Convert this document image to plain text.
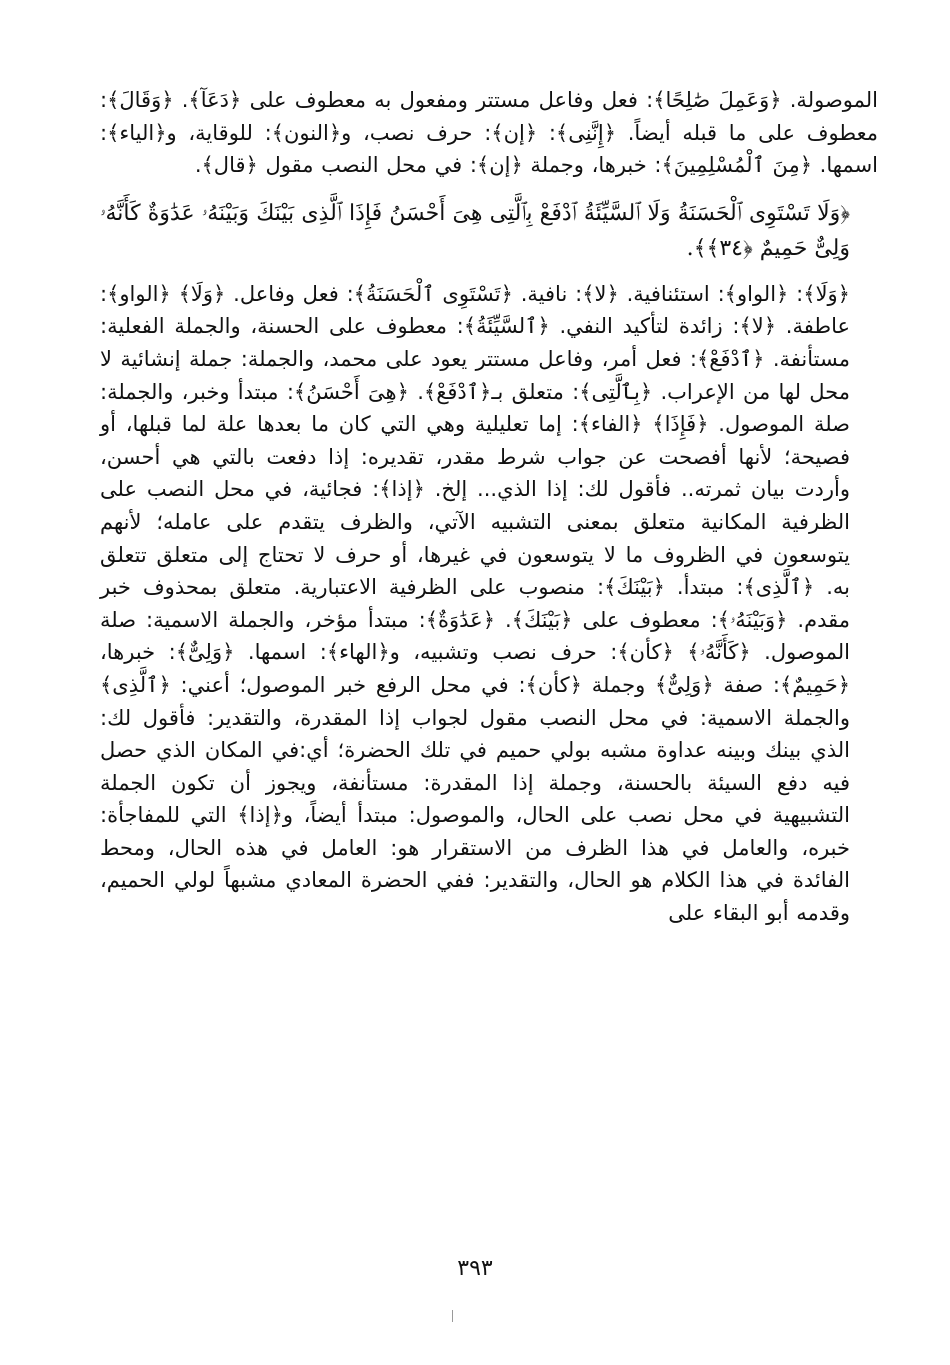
الموصولة. ﴿وَعَمِلَ صَٰلِحًا﴾: فعل وفاعل مستتر ومفعول به معطوف على ﴿دَعَآ﴾. ﴿وَقَالَ﴾: معطوف على ما قبله أيضاً. ﴿إِنَّنِى﴾: ﴿إن﴾: حرف نصب، و﴿النون﴾: للوقاية، و﴿الياء﴾: اسمها. ﴿مِنَ ٱلْمُسْلِمِينَ﴾: خبرها، وجملة ﴿إن﴾: في محل النصب مقول ﴿قال﴾.

﴿وَلَا تَسْتَوِى ٱلْحَسَنَةُ وَلَا ٱلسَّيِّئَةُ ٱدْفَعْ بِٱلَّتِى هِىَ أَحْسَنُ فَإِذَا ٱلَّذِى بَيْنَكَ وَبَيْنَهُۥ عَدَٰوَةٌ كَأَنَّهُۥ وَلِىٌّ حَمِيمٌ ﴿٣٤﴾﴾.

﴿وَلَا﴾: ﴿الواو﴾: استئنافية. ﴿لا﴾: نافية. ﴿تَسْتَوِى ٱلْحَسَنَةُ﴾: فعل وفاعل. ﴿وَلَا﴾ ﴿الواو﴾: عاطفة. ﴿لا﴾: زائدة لتأكيد النفي. ﴿ٱلسَّيِّئَةُ﴾: معطوف على الحسنة، والجملة الفعلية: مستأنفة. ﴿ٱدْفَعْ﴾: فعل أمر، وفاعل مستتر يعود على محمد، والجملة: جملة إنشائية لا محل لها من الإعراب. ﴿بِٱلَّتِى﴾: متعلق بـ﴿ٱدْفَعْ﴾. ﴿هِىَ أَحْسَنُ﴾: مبتدأ وخبر، والجملة: صلة الموصول. ﴿فَإِذَا﴾ ﴿الفاء﴾: إما تعليلية وهي التي كان ما بعدها علة لما قبلها، أو فصيحة؛ لأنها أفصحت عن جواب شرط مقدر، تقديره: إذا دفعت بالتي هي أحسن، وأردت بيان ثمرته.. فأقول لك: إذا الذي... إلخ. ﴿إذا﴾: فجائية، في محل النصب على الظرفية المكانية متعلق بمعنى التشبيه الآتي، والظرف يتقدم على عامله؛ لأنهم يتوسعون في الظروف ما لا يتوسعون في غيرها، أو حرف لا تحتاج إلى متعلق تتعلق به. ﴿ٱلَّذِى﴾: مبتدأ. ﴿بَيْنَكَ﴾: منصوب على الظرفية الاعتبارية. متعلق بمحذوف خبر مقدم. ﴿وَبَيْنَهُۥ﴾: معطوف على ﴿بَيْنَكَ﴾. ﴿عَدَٰوَةٌ﴾: مبتدأ مؤخر، والجملة الاسمية: صلة الموصول. ﴿كَأَنَّهُۥ﴾ ﴿كأن﴾: حرف نصب وتشبيه، و﴿الهاء﴾: اسمها. ﴿وَلِىٌّ﴾: خبرها، ﴿حَمِيمٌ﴾: صفة ﴿وَلِىٌّ﴾ وجملة ﴿كأن﴾: في محل الرفع خبر الموصول؛ أعني: ﴿ٱلَّذِى﴾ والجملة الاسمية: في محل النصب مقول لجواب إذا المقدرة، والتقدير: فأقول لك: الذي بينك وبينه عداوة مشبه بولي حميم في تلك الحضرة؛ أي:في المكان الذي حصل فيه دفع السيئة بالحسنة، وجملة إذا المقدرة: مستأنفة، ويجوز أن تكون الجملة التشبيهية في محل نصب على الحال، والموصول: مبتدأ أيضاً، و﴿إذا﴾ التي للمفاجأة: خبره، والعامل في هذا الظرف من الاستقرار هو: العامل في هذه الحال، ومحط الفائدة في هذا الكلام هو الحال، والتقدير: ففي الحضرة المعادي مشبهاً لولي الحميم، وقدمه أبو البقاء على

٣٩٣
